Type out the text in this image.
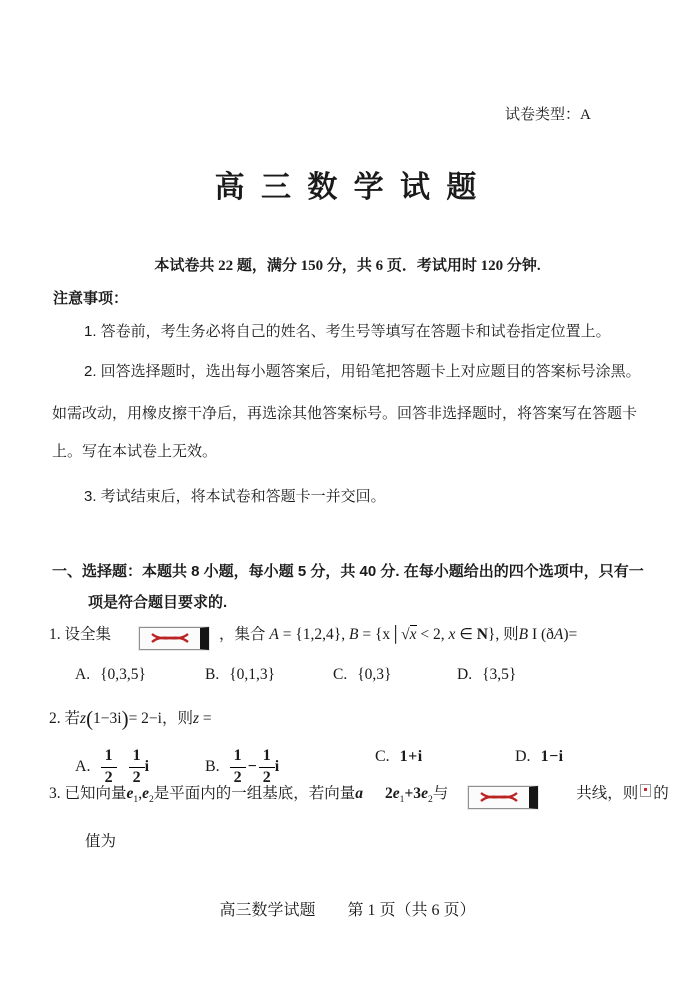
试卷类型：A
高 三 数 学 试 题
本试卷共 22 题，满分 150 分，共 6 页．考试用时 120 分钟.
注意事项：
1. 答卷前，考生务必将自己的姓名、考生号等填写在答题卡和试卷指定位置上。
2. 回答选择题时，选出每小题答案后，用铅笔把答题卡上对应题目的答案标号涂黑。
如需改动，用橡皮擦干净后，再选涂其他答案标号。回答非选择题时，将答案写在答题卡
上。写在本试卷上无效。
3. 考试结束后，将本试卷和答题卡一并交回。
一、选择题：本题共 8 小题，每小题 5 分，共 40 分. 在每小题给出的四个选项中，只有一
项是符合题目要求的.
1. 设全集	，集合 A = {1,2,4}, B = {x│√x < 2, x ∈ N}, 则B I (ðA)=
A. {0,3,5}	B. {0,1,3}	C. {0,3}	D. {3,5}
2. 若z(1−3i)= 2−i，则z =
A. $\frac{1}{2} \frac{1}{2}$ i	B. $\frac{1}{2} - \frac{1}{2}$ i
C. 1+i	D. 1−i
3. 已知向量$e_1,e_2$是平面内的一组基底，若向量a $2e_1+3e_2$与	共线，则 的
值为
高三数学试题　　第 1 页（共 6 页）
